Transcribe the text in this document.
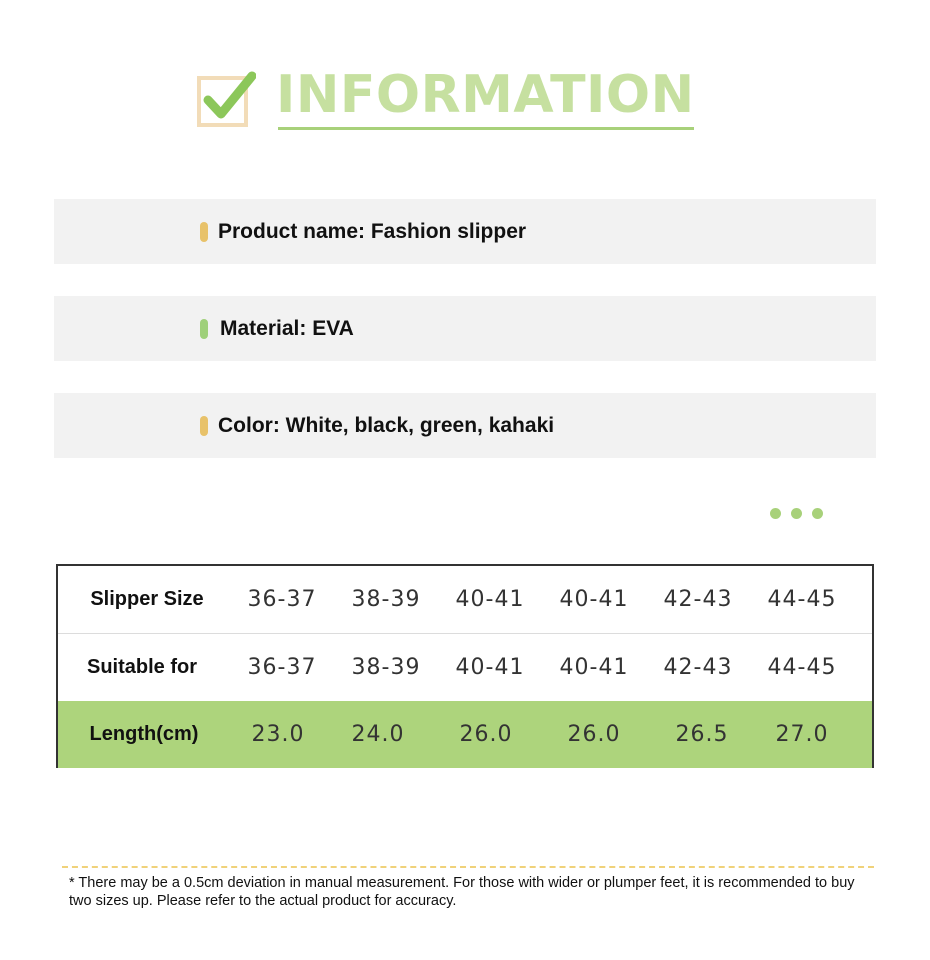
INFORMATION
Product name: Fashion slipper
Material: EVA
Color: White, black, green, kahaki
Slipper Size	36-37	38-39	40-41	40-41	42-43	44-45
Suitable for	36-37	38-39	40-41	40-41	42-43	44-45
Length(cm)	23.0	24.0	26.0	26.0	26.5	27.0
* There may be a 0.5cm deviation in manual measurement. For those with wider or plumper feet, it is recommended to buy two sizes up. Please refer to the actual product for accuracy.
